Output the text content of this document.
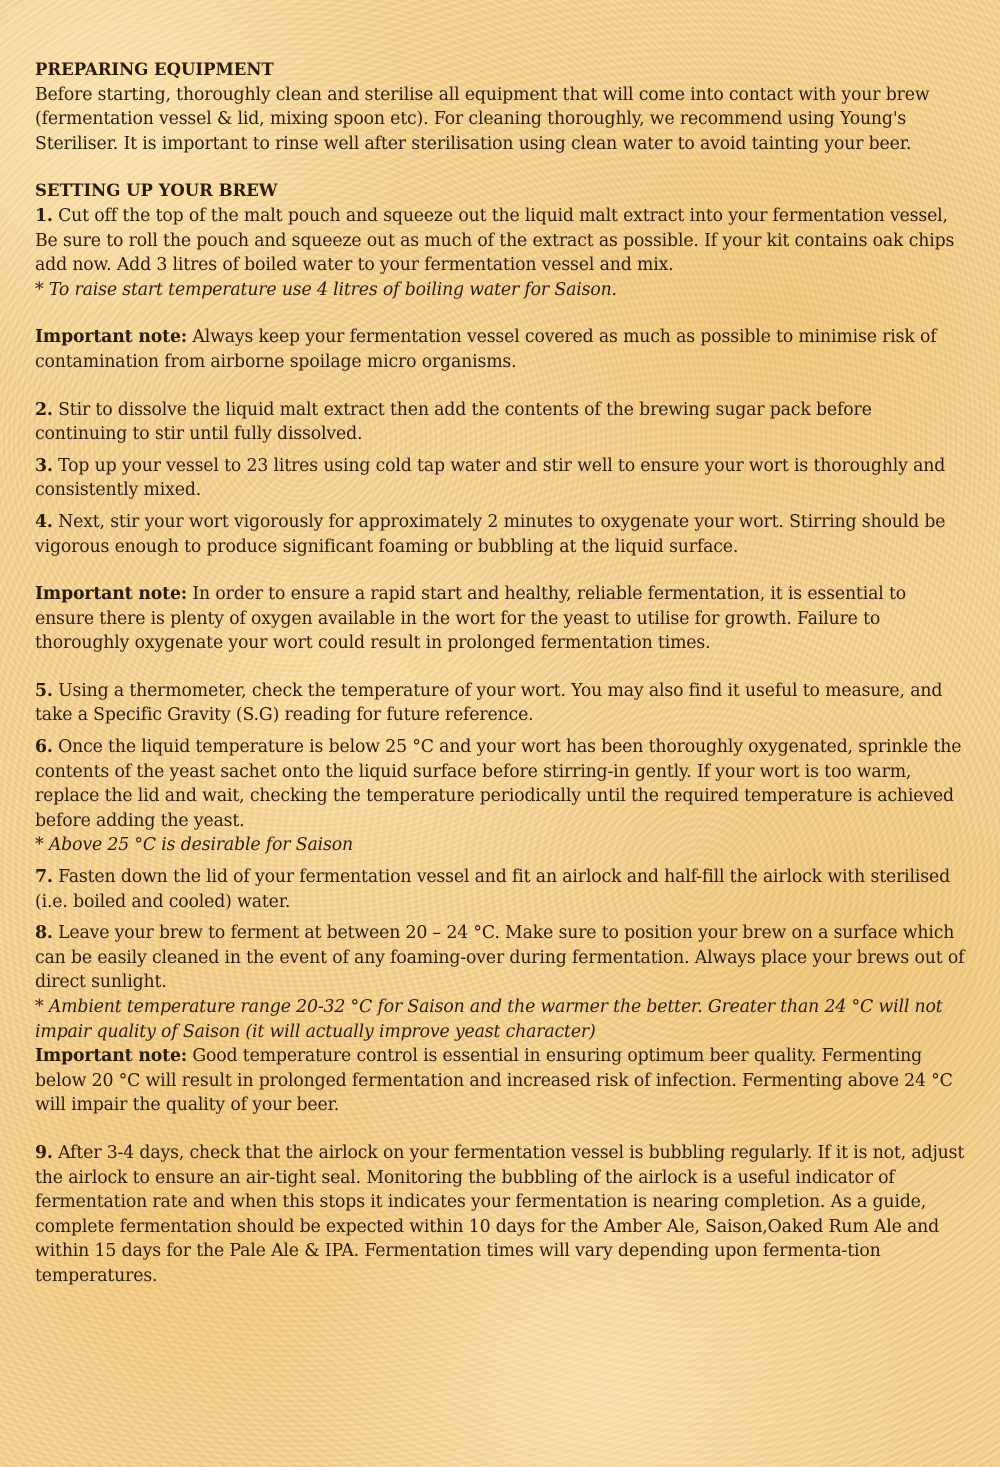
PREPARING EQUIPMENT

Before starting, thoroughly clean and sterilise all equipment that will come into contact with your brew (fermentation vessel & lid, mixing spoon etc). For cleaning thoroughly, we recommend using Young's Steriliser. It is important to rinse well after sterilisation using clean water to avoid tainting your beer.

SETTING UP YOUR BREW

1. Cut off the top of the malt pouch and squeeze out the liquid malt extract into your fermentation vessel, Be sure to roll the pouch and squeeze out as much of the extract as possible. If your kit contains oak chips add now. Add 3 litres of boiled water to your fermentation vessel and mix.

* To raise start temperature use 4 litres of boiling water for Saison.

Important note: Always keep your fermentation vessel covered as much as possible to minimise risk of contamination from airborne spoilage micro organisms.

2. Stir to dissolve the liquid malt extract then add the contents of the brewing sugar pack before continuing to stir until fully dissolved.

3. Top up your vessel to 23 litres using cold tap water and stir well to ensure your wort is thoroughly and consistently mixed.

4. Next, stir your wort vigorously for approximately 2 minutes to oxygenate your wort. Stirring should be vigorous enough to produce significant foaming or bubbling at the liquid surface.

Important note: In order to ensure a rapid start and healthy, reliable fermentation, it is essential to ensure there is plenty of oxygen available in the wort for the yeast to utilise for growth. Failure to thoroughly oxygenate your wort could result in prolonged fermentation times.

5. Using a thermometer, check the temperature of your wort. You may also find it useful to measure, and take a Specific Gravity (S.G) reading for future reference.

6. Once the liquid temperature is below 25 °C and your wort has been thoroughly oxygenated, sprinkle the contents of the yeast sachet onto the liquid surface before stirring-in gently. If your wort is too warm, replace the lid and wait, checking the temperature periodically until the required temperature is achieved before adding the yeast.

* Above 25 °C is desirable for Saison

7. Fasten down the lid of your fermentation vessel and fit an airlock and half-fill the airlock with sterilised (i.e. boiled and cooled) water.

8. Leave your brew to ferment at between 20 – 24 °C. Make sure to position your brew on a surface which can be easily cleaned in the event of any foaming-over during fermentation. Always place your brews out of direct sunlight.

* Ambient temperature range 20-32 °C for Saison and the warmer the better. Greater than 24 °C will not impair quality of Saison (it will actually improve yeast character)

Important note: Good temperature control is essential in ensuring optimum beer quality. Fermenting below 20 °C will result in prolonged fermentation and increased risk of infection. Fermenting above 24 °C will impair the quality of your beer.

9. After 3-4 days, check that the airlock on your fermentation vessel is bubbling regularly. If it is not, adjust the airlock to ensure an air-tight seal. Monitoring the bubbling of the airlock is a useful indicator of fermentation rate and when this stops it indicates your fermentation is nearing completion. As a guide, complete fermentation should be expected within 10 days for the Amber Ale, Saison,Oaked Rum Ale and within 15 days for the Pale Ale & IPA. Fermentation times will vary depending upon fermenta-tion temperatures.
